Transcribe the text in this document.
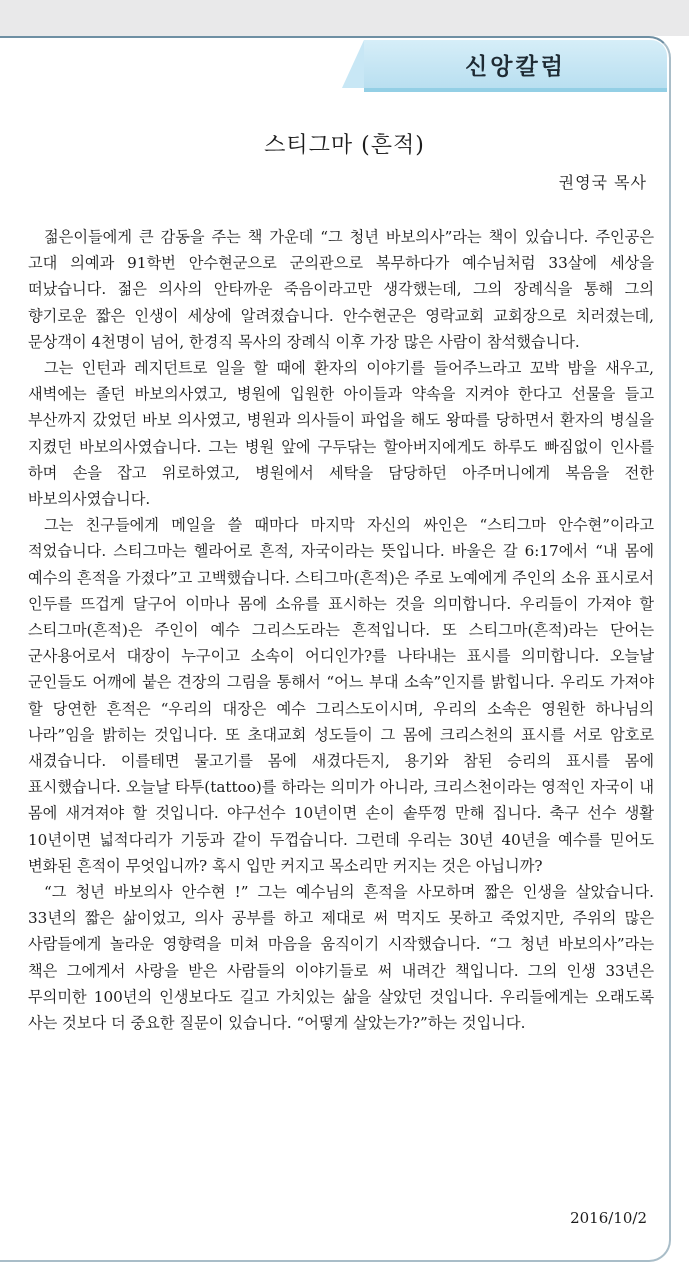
신앙칼럼
스티그마 (흔적)
권영국 목사

젊은이들에게 큰 감동을 주는 책 가운데 “그 청년 바보의사”라는 책이 있습니다. 주인공은 고대 의예과 91학번 안수현군으로 군의관으로 복무하다가 예수님처럼 33살에 세상을 떠났습니다. 젊은 의사의 안타까운 죽음이라고만 생각했는데, 그의 장례식을 통해 그의 향기로운 짧은 인생이 세상에 알려졌습니다. 안수현군은 영락교회 교회장으로 치러졌는데, 문상객이 4천명이 넘어, 한경직 목사의 장례식 이후 가장 많은 사람이 참석했습니다.

그는 인턴과 레지던트로 일을 할 때에 환자의 이야기를 들어주느라고 꼬박 밤을 새우고, 새벽에는 졸던 바보의사였고, 병원에 입원한 아이들과 약속을 지켜야 한다고 선물을 들고 부산까지 갔었던 바보 의사였고, 병원과 의사들이 파업을 해도 왕따를 당하면서 환자의 병실을 지켰던 바보의사였습니다. 그는 병원 앞에 구두닦는 할아버지에게도 하루도 빠짐없이 인사를 하며 손을 잡고 위로하였고, 병원에서 세탁을 담당하던 아주머니에게 복음을 전한 바보의사였습니다.

그는 친구들에게 메일을 쓸 때마다 마지막 자신의 싸인은 “스티그마 안수현”이라고 적었습니다. 스티그마는 헬라어로 흔적, 자국이라는 뜻입니다. 바울은 갈 6:17에서 “내 몸에 예수의 흔적을 가졌다”고 고백했습니다. 스티그마(흔적)은 주로 노예에게 주인의 소유 표시로서 인두를 뜨겁게 달구어 이마나 몸에 소유를 표시하는 것을 의미합니다. 우리들이 가져야 할 스티그마(흔적)은 주인이 예수 그리스도라는 흔적입니다. 또 스티그마(흔적)라는 단어는 군사용어로서 대장이 누구이고 소속이 어디인가?를 나타내는 표시를 의미합니다. 오늘날 군인들도 어깨에 붙은 견장의 그림을 통해서 “어느 부대 소속”인지를 밝힙니다. 우리도 가져야 할 당연한 흔적은 “우리의 대장은 예수 그리스도이시며, 우리의 소속은 영원한 하나님의 나라”임을 밝히는 것입니다. 또 초대교회 성도들이 그 몸에 크리스천의 표시를 서로 암호로 새겼습니다. 이를테면 물고기를 몸에 새겼다든지, 용기와 참된 승리의 표시를 몸에 표시했습니다. 오늘날 타투(tattoo)를 하라는 의미가 아니라, 크리스천이라는 영적인 자국이 내 몸에 새겨져야 할 것입니다. 야구선수 10년이면 손이 솥뚜껑 만해 집니다. 축구 선수 생활 10년이면 넓적다리가 기둥과 같이 두껍습니다. 그런데 우리는 30년 40년을 예수를 믿어도 변화된 흔적이 무엇입니까? 혹시 입만 커지고 목소리만 커지는 것은 아닙니까?

“그 청년 바보의사 안수현 !” 그는 예수님의 흔적을 사모하며 짧은 인생을 살았습니다. 33년의 짧은 삶이었고, 의사 공부를 하고 제대로 써 먹지도 못하고 죽었지만, 주위의 많은 사람들에게 놀라운 영향력을 미쳐 마음을 움직이기 시작했습니다. “그 청년 바보의사”라는 책은 그에게서 사랑을 받은 사람들의 이야기들로 써 내려간 책입니다. 그의 인생 33년은 무의미한 100년의 인생보다도 길고 가치있는 삶을 살았던 것입니다. 우리들에게는 오래도록 사는 것보다 더 중요한 질문이 있습니다. “어떻게 살았는가?”하는 것입니다.

2016/10/2
